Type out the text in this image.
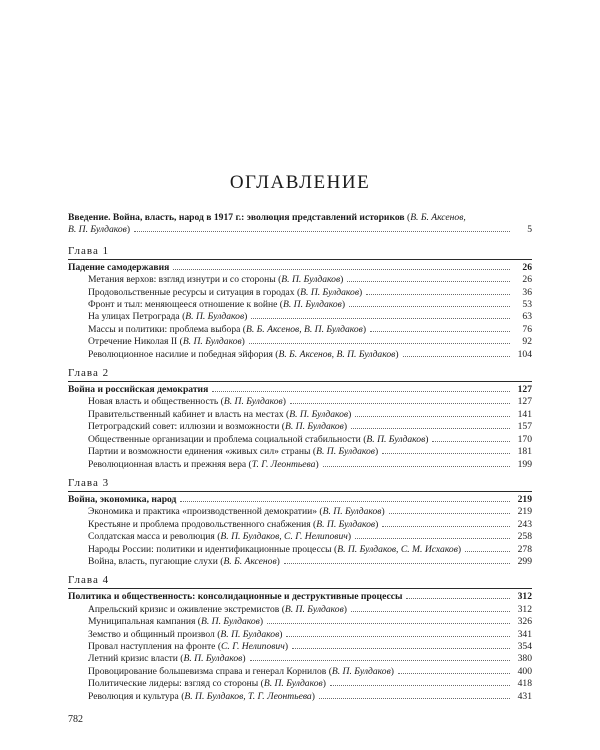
ОГЛАВЛЕНИЕ
Введение. Война, власть, народ в 1917 г.: эволюция представлений историков (В. Б. Аксенов,
В. П. Булдаков )	5
Глава 1
Падение самодержавия	26
Метания верхов: взгляд изнутри и со стороны (В. П. Булдаков)	26
Продовольственные ресурсы и ситуация в городах (В. П. Булдаков)	36
Фронт и тыл: меняющееся отношение к войне (В. П. Булдаков)	53
На улицах Петрограда (В. П. Булдаков)	63
Массы и политики: проблема выбора (В. Б. Аксенов, В. П. Булдаков)	76
Отречение Николая II (В. П. Булдаков)	92
Революционное насилие и победная эйфория (В. Б. Аксенов, В. П. Булдаков)	104
Глава 2
Война и российская демократия	127
Новая власть и общественность (В. П. Булдаков)	127
Правительственный кабинет и власть на местах (В. П. Булдаков)	141
Петроградский совет: иллюзии и возможности (В. П. Булдаков)	157
Общественные организации и проблема социальной стабильности (В. П. Булдаков)	170
Партии и возможности единения «живых сил» страны (В. П. Булдаков)	181
Революционная власть и прежняя вера (Т. Г. Леонтьева)	199
Глава 3
Война, экономика, народ	219
Экономика и практика «производственной демократии» (В. П. Булдаков)	219
Крестьяне и проблема продовольственного снабжения (В. П. Булдаков)	243
Солдатская масса и революция (В. П. Булдаков, С. Г. Нелипович)	258
Народы России: политики и идентификационные процессы (В. П. Булдаков, С. М. Исхаков)	278
Война, власть, пугающие слухи (В. Б. Аксенов)	299
Глава 4
Политика и общественность: консолидационные и деструктивные процессы	312
Апрельский кризис и оживление экстремистов (В. П. Булдаков)	312
Муниципальная кампания (В. П. Булдаков)	326
Земство и общинный произвол (В. П. Булдаков)	341
Провал наступления на фронте (С. Г. Нелипович)	354
Летний кризис власти (В. П. Булдаков)	380
Провоцирование большевизма справа и генерал Корнилов (В. П. Булдаков)	400
Политические лидеры: взгляд со стороны (В. П. Булдаков)	418
Революция и культура (В. П. Булдаков, Т. Г. Леонтьева)	431
782
